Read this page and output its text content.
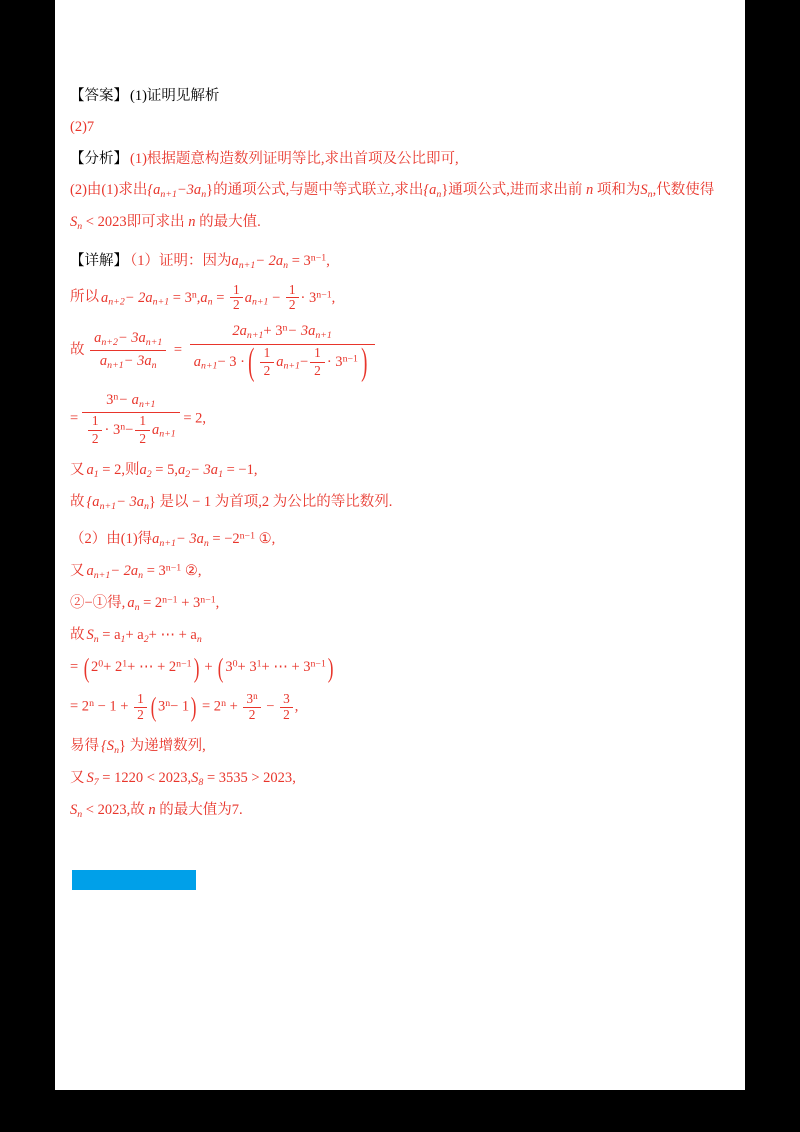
【答案】 (1)证明见解析

(2)7

【分析】 (1)根据题意构造数列证明等比,求出首项及公比即可,

(2)由(1)求出$\{a_{n+1}-3a_n\}$的通项公式,与题中等式联立,求出$\{a_n\}$通项公式,进而求出前 n 项和为$S_n$,代数使得

$S_n < 2023$即可求出 n 的最大值.

【详解】 （1）证明：因为$a_{n+1}- 2a_n = 3^{n-1}$,

所以 $a_{n+2}- 2a_{n+1} = 3^n,a_n = \frac{1}{2} a_{n+1} - \frac{1}{2} \cdot 3^{n-1}$,

故 $\frac{a_{n+2}- 3a_{n+1}}{a_{n+1}- 3a_n} = \frac{2a_{n+1}+ 3^n- 3a_{n+1}}{a_{n+1}- 3 \cdot( \frac{1}{2} a_{n+1}- \frac{1}{2} \cdot 3^{n-1})}$

= $\frac{3^n- a_{n+1}}{\frac{1}{2} \cdot 3^n- \frac{1}{2} a_{n+1}} = 2$,

又 $a_1 = 2$,则$a_2 = 5,a_2- 3a_1 = -1$,

故 $\{a_{n+1}- 3a_n\}$ 是以 − 1 为首项,2 为公比的等比数列.

（2）由(1)得$a_{n+1}- 3a_n = -2^{n-1}$ ①,

又 $a_{n+1}- 2a_n = 3^{n-1}$ ②,

②−①得, $a_n = 2^{n-1} + 3^{n-1}$,

故 $S_n = a_1+ a_2+$ ⋯ + $a_n$

= ( $2^0+ 2^1+$ ⋯ + $2^{n-1}$) + ( $3^0+ 3^1+$ ⋯ + $3^{n-1}$)

= $2^n - 1 + \frac{1}{2}$ ( $3^n- 1) = 2^n + \frac{3^n}{2} - \frac{3}{2}$ ,

易得 $\{S_n\}$ 为递增数列,

又 $S_7 = 1220 < 2023,S_8 = 3535 > 2023$,

$S_n < 2023$,故 n 的最大值为7.

高考真题新题型
